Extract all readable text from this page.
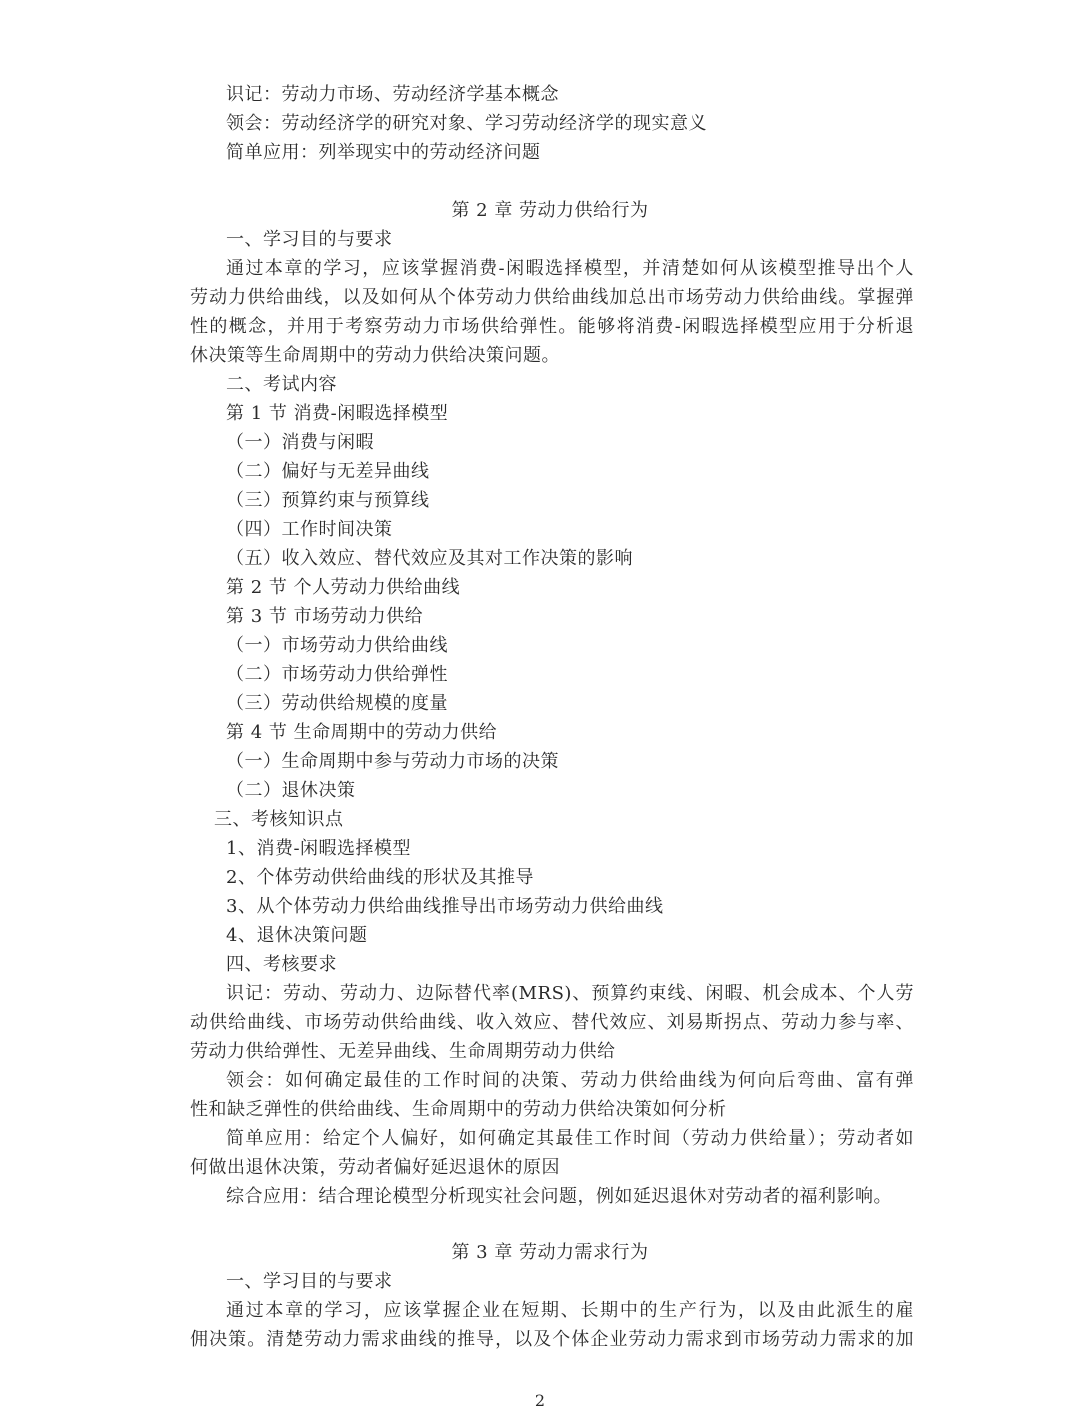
识记：劳动力市场、劳动经济学基本概念
领会：劳动经济学的研究对象、学习劳动经济学的现实意义
简单应用：列举现实中的劳动经济问题
第 2 章 劳动力供给行为
一、学习目的与要求
通过本章的学习，应该掌握消费-闲暇选择模型，并清楚如何从该模型推导出个人
劳动力供给曲线，以及如何从个体劳动力供给曲线加总出市场劳动力供给曲线。掌握弹
性的概念，并用于考察劳动力市场供给弹性。能够将消费-闲暇选择模型应用于分析退
休决策等生命周期中的劳动力供给决策问题。
二、考试内容
第 1 节 消费-闲暇选择模型
（一）消费与闲暇
（二）偏好与无差异曲线
（三）预算约束与预算线
（四）工作时间决策
（五）收入效应、替代效应及其对工作决策的影响
第 2 节 个人劳动力供给曲线
第 3 节 市场劳动力供给
（一）市场劳动力供给曲线
（二）市场劳动力供给弹性
（三）劳动供给规模的度量
第 4 节 生命周期中的劳动力供给
（一）生命周期中参与劳动力市场的决策
（二）退休决策
三、考核知识点
1、消费-闲暇选择模型
2、个体劳动供给曲线的形状及其推导
3、从个体劳动力供给曲线推导出市场劳动力供给曲线
4、退休决策问题
四、考核要求
识记：劳动、劳动力、边际替代率(MRS)、预算约束线、闲暇、机会成本、个人劳
动供给曲线、市场劳动供给曲线、收入效应、替代效应、刘易斯拐点、劳动力参与率、
劳动力供给弹性、无差异曲线、生命周期劳动力供给
领会：如何确定最佳的工作时间的决策、劳动力供给曲线为何向后弯曲、富有弹
性和缺乏弹性的供给曲线、生命周期中的劳动力供给决策如何分析
简单应用：给定个人偏好，如何确定其最佳工作时间（劳动力供给量）；劳动者如
何做出退休决策，劳动者偏好延迟退休的原因
综合应用：结合理论模型分析现实社会问题，例如延迟退休对劳动者的福利影响。
第 3 章 劳动力需求行为
一、学习目的与要求
通过本章的学习，应该掌握企业在短期、长期中的生产行为，以及由此派生的雇
佣决策。清楚劳动力需求曲线的推导，以及个体企业劳动力需求到市场劳动力需求的加
2
